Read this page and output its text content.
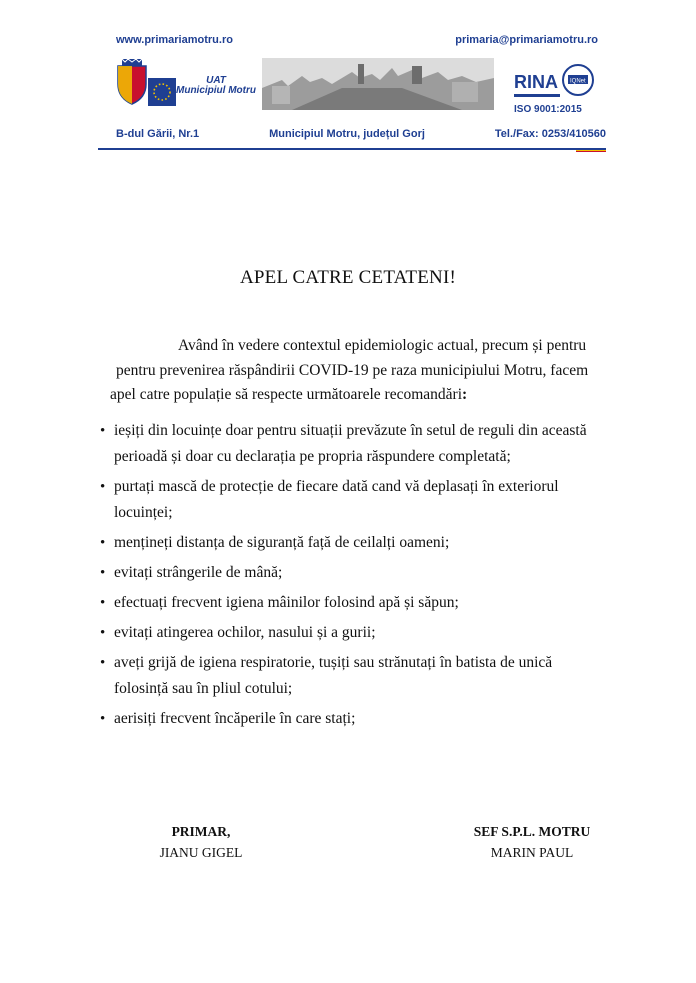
www.primariamotru.ro	primaria@primariamotru.ro
UAT
Municipiul Motru	RINA IQNet
ISO 9001:2015
B-dul Gării, Nr.1	Municipiul Motru, județul Gorj	Tel./Fax: 0253/410560
APEL CATRE CETATENI!
Având în vedere contextul epidemiologic actual, precum și pentru
pentru prevenirea răspândirii COVID-19 pe raza municipiului Motru, facem
apel catre populație să respecte următoarele recomandări:
• ieșiți din locuințe doar pentru situații prevăzute în setul de reguli din această perioadă și doar cu declarația pe propria răspundere completată;
• purtați mască de protecție de fiecare dată cand vă deplasați în exteriorul locuinței;
• mențineți distanța de siguranță față de ceilalți oameni;
• evitați strângerile de mână;
• efectuați frecvent igiena mâinilor folosind apă și săpun;
• evitați atingerea ochilor, nasului și a gurii;
• aveți grijă de igiena respiratorie, tușiți sau strănutați în batista de unică folosință sau în pliul cotului;
• aerisiți frecvent încăperile în care stați;
PRIMAR,
JIANU GIGEL
SEF S.P.L. MOTRU
MARIN PAUL
